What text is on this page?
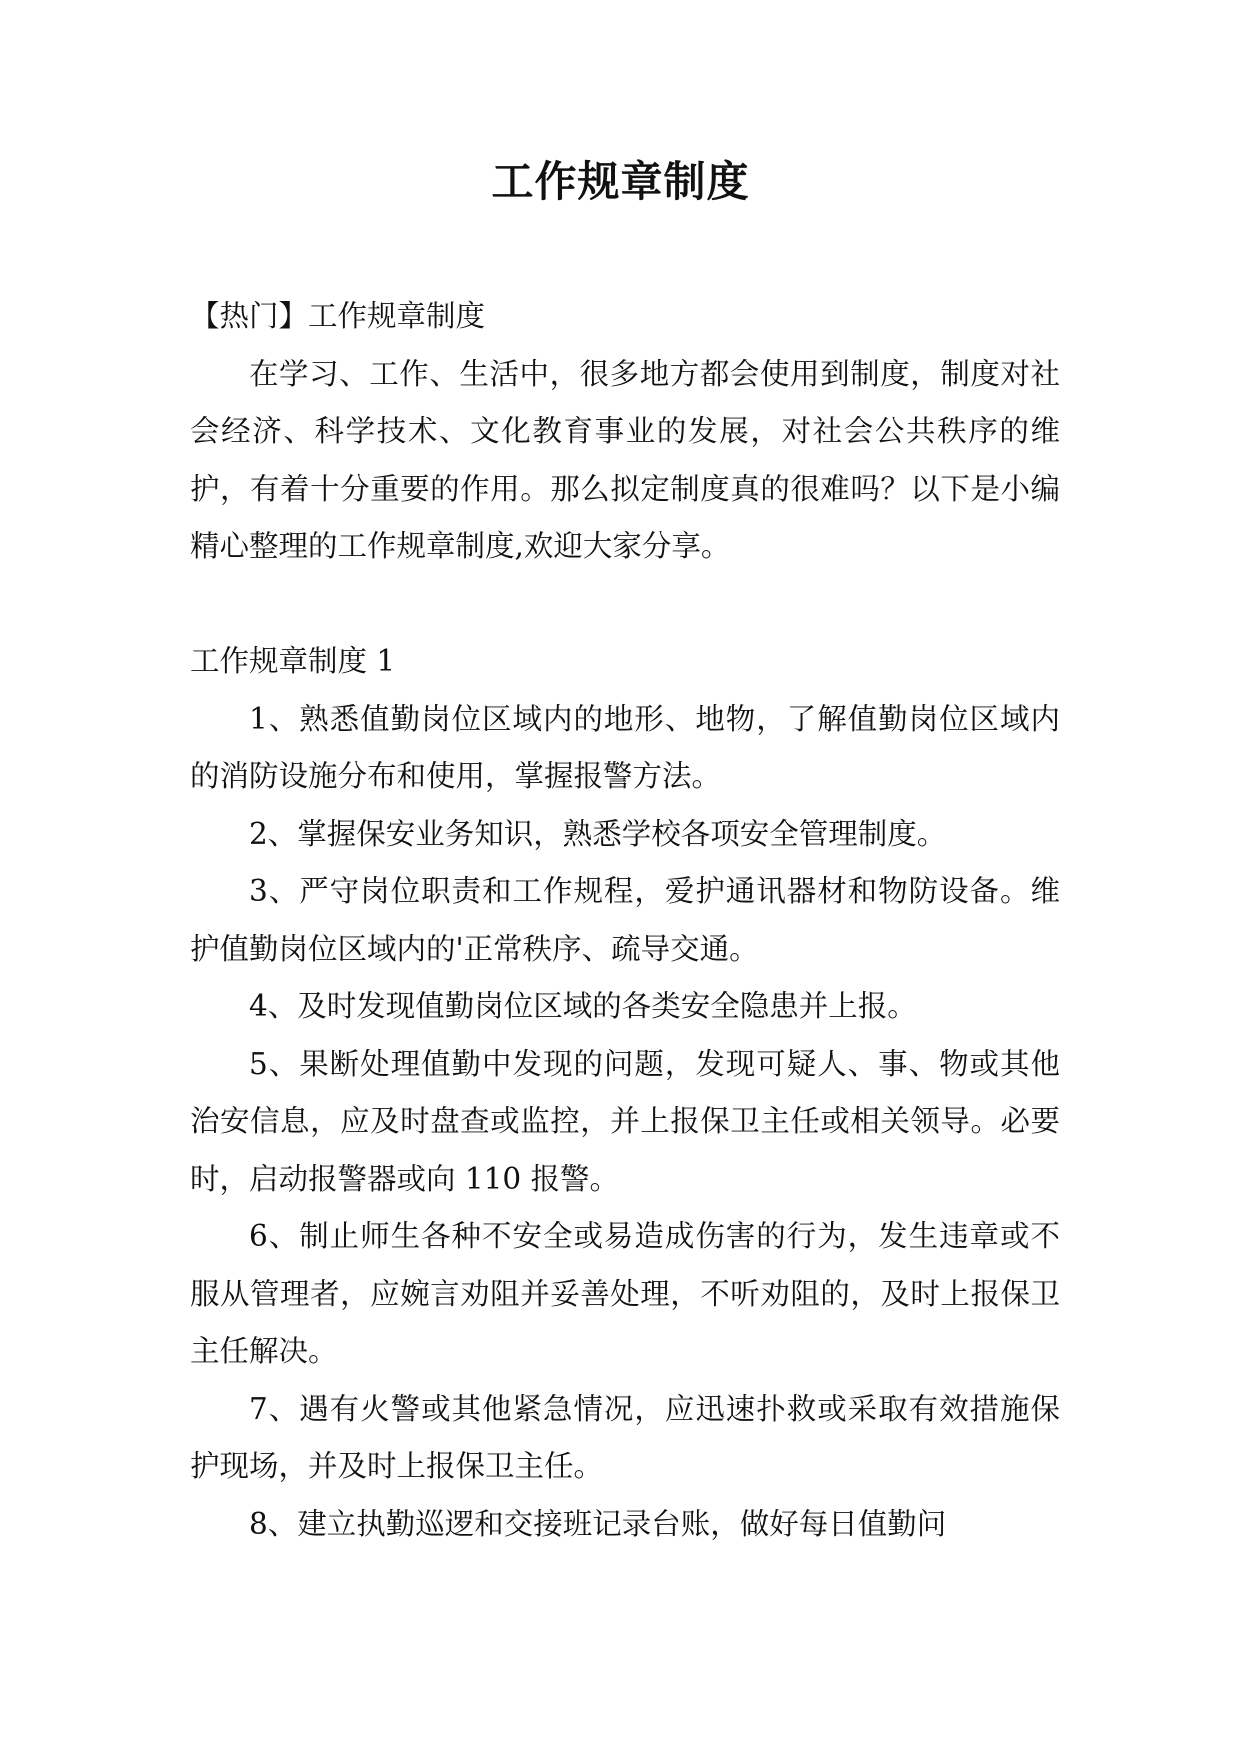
工作规章制度

【热门】工作规章制度

在学习、工作、生活中，很多地方都会使用到制度，制度对社会经济、科学技术、文化教育事业的发展，对社会公共秩序的维护，有着十分重要的作用。那么拟定制度真的很难吗？以下是小编精心整理的工作规章制度,欢迎大家分享。

工作规章制度 1

1、熟悉值勤岗位区域内的地形、地物，了解值勤岗位区域内的消防设施分布和使用，掌握报警方法。

2、掌握保安业务知识，熟悉学校各项安全管理制度。

3、严守岗位职责和工作规程，爱护通讯器材和物防设备。维护值勤岗位区域内的'正常秩序、疏导交通。

4、及时发现值勤岗位区域的各类安全隐患并上报。

5、果断处理值勤中发现的问题，发现可疑人、事、物或其他治安信息，应及时盘查或监控，并上报保卫主任或相关领导。必要时，启动报警器或向 110 报警。

6、制止师生各种不安全或易造成伤害的行为，发生违章或不服从管理者，应婉言劝阻并妥善处理，不听劝阻的，及时上报保卫主任解决。

7、遇有火警或其他紧急情况，应迅速扑救或采取有效措施保护现场，并及时上报保卫主任。

8、建立执勤巡逻和交接班记录台账，做好每日值勤问
